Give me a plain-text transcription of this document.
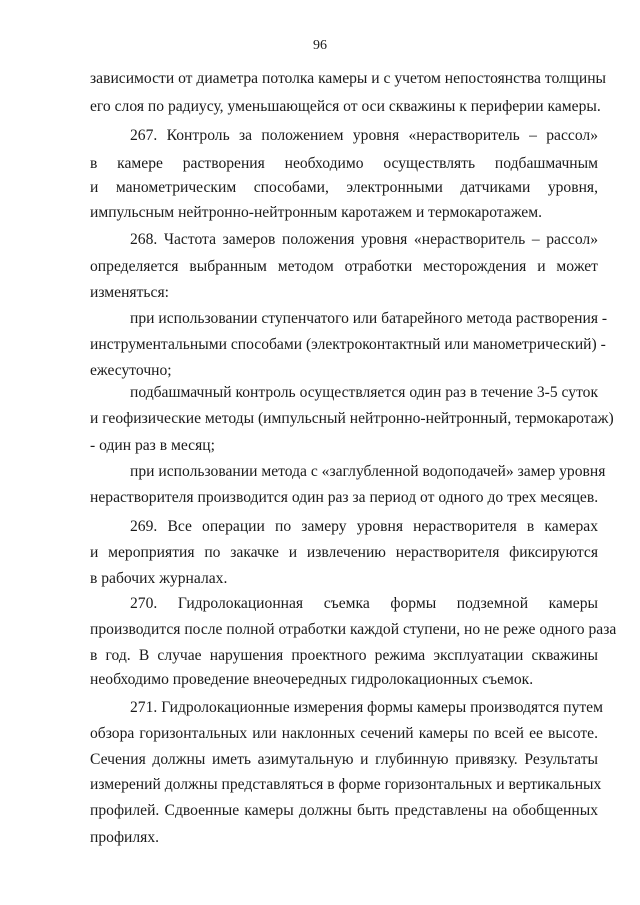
96
зависимости от диаметра потолка камеры и с учетом непостоянства толщины
его слоя по радиусу, уменьшающейся от оси скважины к периферии камеры.
267. Контроль за положением уровня «нерастворитель – рассол»
в камере растворения необходимо осуществлять подбашмачным
и манометрическим способами, электронными датчиками уровня,
импульсным нейтронно-нейтронным каротажем и термокаротажем.
268. Частота замеров положения уровня «нерастворитель – рассол»
определяется выбранным методом отработки месторождения и может
изменяться:
при использовании ступенчатого или батарейного метода растворения -
инструментальными способами (электроконтактный или манометрический) -
ежесуточно;
подбашмачный контроль осуществляется один раз в течение 3-5 суток
и геофизические методы (импульсный нейтронно-нейтронный, термокаротаж)
- один раз в месяц;
при использовании метода с «заглубленной водоподачей» замер уровня
нерастворителя производится один раз за период от одного до трех месяцев.
269. Все операции по замеру уровня нерастворителя в камерах
и мероприятия по закачке и извлечению нерастворителя фиксируются
в рабочих журналах.
270. Гидролокационная съемка формы подземной камеры
производится после полной отработки каждой ступени, но не реже одного раза
в год. В случае нарушения проектного режима эксплуатации скважины
необходимо проведение внеочередных гидролокационных съемок.
271. Гидролокационные измерения формы камеры производятся путем
обзора горизонтальных или наклонных сечений камеры по всей ее высоте.
Сечения должны иметь азимутальную и глубинную привязку. Результаты
измерений должны представляться в форме горизонтальных и вертикальных
профилей. Сдвоенные камеры должны быть представлены на обобщенных
профилях.
